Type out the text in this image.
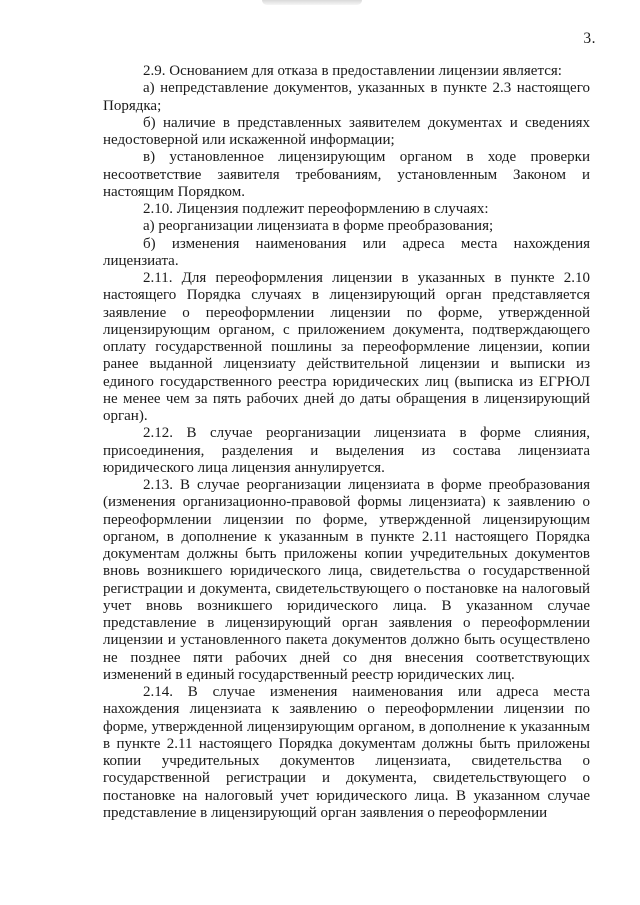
3.

2.9. Основанием для отказа в предоставлении лицензии является:

а) непредставление документов, указанных в пункте 2.3 настоящего Порядка;

б) наличие в представленных заявителем документах и сведениях недостоверной или искаженной информации;

в) установленное лицензирующим органом в ходе проверки несоответствие заявителя требованиям, установленным Законом и настоящим Порядком.

2.10. Лицензия подлежит переоформлению в случаях:

а) реорганизации лицензиата в форме преобразования;

б) изменения наименования или адреса места нахождения лицензиата.

2.11. Для переоформления лицензии в указанных в пункте 2.10 настоящего Порядка случаях в лицензирующий орган представляется заявление о переоформлении лицензии по форме, утвержденной лицензирующим органом, с приложением документа, подтверждающего оплату государственной пошлины за переоформление лицензии, копии ранее выданной лицензиату действительной лицензии и выписки из единого государственного реестра юридических лиц (выписка из ЕГРЮЛ не менее чем за пять рабочих дней до даты обращения в лицензирующий орган).

2.12. В случае реорганизации лицензиата в форме слияния, присоединения, разделения и выделения из состава лицензиата юридического лица лицензия аннулируется.

2.13. В случае реорганизации лицензиата в форме преобразования (изменения организационно-правовой формы лицензиата) к заявлению о переоформлении лицензии по форме, утвержденной лицензирующим органом, в дополнение к указанным в пункте 2.11 настоящего Порядка документам должны быть приложены копии учредительных документов вновь возникшего юридического лица, свидетельства о государственной регистрации и документа, свидетельствующего о постановке на налоговый учет вновь возникшего юридического лица. В указанном случае представление в лицензирующий орган заявления о переоформлении лицензии и установленного пакета документов должно быть осуществлено не позднее пяти рабочих дней со дня внесения соответствующих изменений в единый государственный реестр юридических лиц.

2.14. В случае изменения наименования или адреса места нахождения лицензиата к заявлению о переоформлении лицензии по форме, утвержденной лицензирующим органом, в дополнение к указанным в пункте 2.11 настоящего Порядка документам должны быть приложены копии учредительных документов лицензиата, свидетельства о государственной регистрации и документа, свидетельствующего о постановке на налоговый учет юридического лица. В указанном случае представление в лицензирующий орган заявления о переоформлении
